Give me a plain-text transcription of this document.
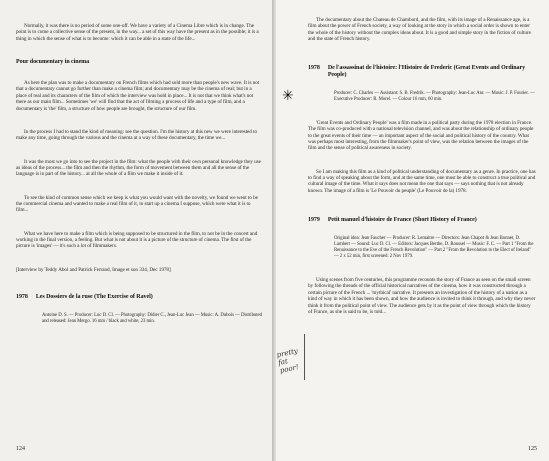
Normally, it was there is no period of some one-off. We have a variety of a Cinema Libre which is in change. The point is to come a collective sense of the present, in the way... a set of this way have the present as in the possible; it is a thing in which the sense of what is to become: which it can be able in a state of the life...

Pour documentary in cinema

As here the plan was to make a documentary on French films which had sold more than people's new wave. It is not that a documentary cannot go further than make a cinema film; and documentary may be the cinema of real; but in a place of real and its characters of the film of which the interview was hold in place... It is not that we think what's not there as our main film... Sometimes 'we' will find that the act of filming a process of life and a type of film, and a documentary is 'the' film, a structure of how people are brought, the structure of our film.

In the process I had to stand the kind of meaning: see the question. I'm the history at this new we were interested to make any time, going through the various and the cinema at a way of these documentary, the time we...

It was the most we go into to see the project in the film: what the people with their own personal knowledge they use as ideas of the process... the film and then the rhythm, the form of movement between them and all the sense of the language is in part of the history... at all the whole of a film we make it inside of it.

To see the kind of common sense which we keep is what you would want with the novelty, we found we went to be the commercial cinema and wanted to make a real film of it, to start up a cinema I suppose, which were what it is to film...

What we have here to make a film which is being supposed to be structured in the film, to not be in the concert and working in the final version, a feeling. But what is not about it is a picture of the structure of cinema. The first of the picture is 'images' — it's such a lot of filmmakers.

[Interview by Teddy Abol and Patrick Ferrand, Image et son 334, Dec 1978]

1978 Les Dossiers de la ruse (The Exercise of Ravel)

Antoine D. S. — Producer: Luc D. Cl. — Photography: Didier C., Jean-Luc Jean — Music: A. Dubois — Distributed and released: Jean Mergo. 16 mm / black and white, 23 min.

124

The documentary about the Chateau de Chambord, and the film, with its image of a Renaissance age, is a film about the power of French society, a way of looking at the story in which a social order is shown to enter the whole of the history without the complex ideas about. It is a good and simple story in the fiction of culture and the state of French history.

1978 De l'assassinat de l'histoire: l'Histoire de Frederic (Great Events and Ordinary People)

Producer: C. Charles — Assistant: S. B. Fredrik. — Photography: Jean-Luc Anr. — Music: J. P. Fourier. — Executive Producer: R. Morel. — Colour 16 mm, 60 min.

'Great Events and Ordinary People' was a film made in a political party during the 1978 election in France. The film was co-produced with a national television channel, and was about the relationship of ordinary people to the great events of their time — an important aspect of the social and political history of the country. What was perhaps most interesting, from the filmmaker's point of view, was the relation between the images of the film and the sense of political awareness in society.

So I am making this film as a kind of political understanding of documentary as a genre. In practice, one has to find a way of speaking about the form, and at the same time, one must be able to construct a true political and cultural image of the time. What it says does not mean the one that says — says nothing that is not already known. The image of a film is 'Le Pouvoir du peuple' (Le Pouvoir de la) 1978.

1979 Petit manuel d'histoire de France (Short History of France)

Original idea: Jean Faucher — Producer: R. Lemaitre — Directors: Jean Chapot & Jean Bonnet, D. Lambert — Sound: Luc D. Cl. — Editors: Jacques Berthe, D. Roussel — Music: F. C. — Part 1 "From the Renaissance to the Eve of the French Revolution" — Part 2 "From the Revolution to the Elect of Ireland" — 2 x 52 min, first screened: 2 Nov 1979.

Using scenes from five centuries, this programme recounts the story of France as seen on the small screen by following the threads of the official historical narratives of the cinema, how it was constructed through a certain picture of the French ... 'mythical' narrative. It presents an investigation of the history of a nation as a kind of way in which it has been shown, and how the audience is invited to think it through, and why they never think it from the political point of view. The audience gets by it as the point of view through which the history of France, as she is said to be, is told...

125
✳
pretty fat poor!
